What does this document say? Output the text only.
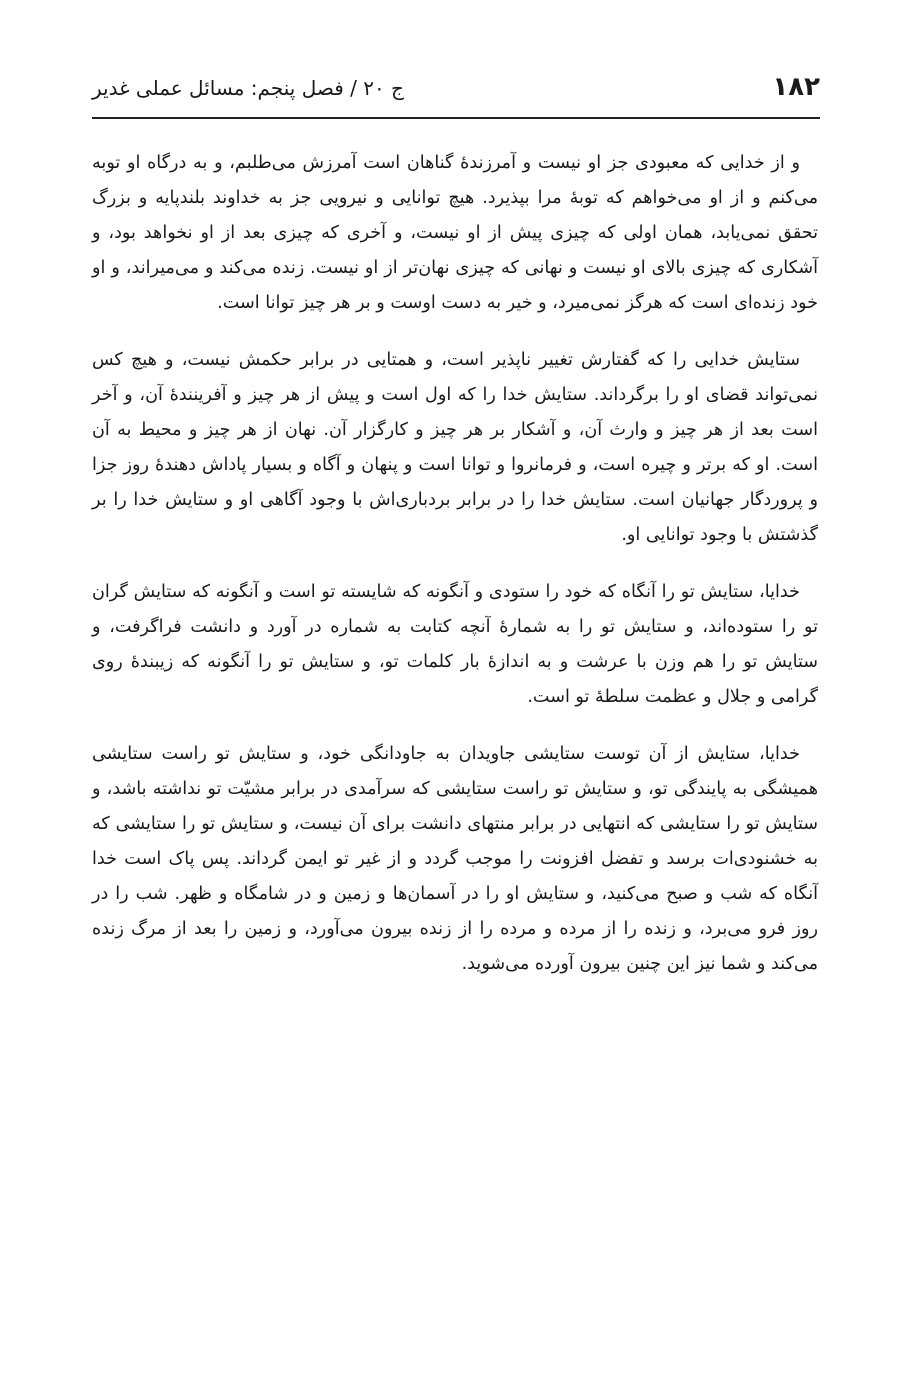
۱۸۲
ج ۲۰ / فصل پنجم: مسائل عملی غدیر

و از خدایی که معبودی جز او نیست و آمرزندهٔ گناهان است آمرزش می‌طلبم، و به درگاه او توبه می‌کنم و از او می‌خواهم که توبهٔ مرا بپذیرد. هیچ توانایی و نیرویی جز به خداوند بلندپایه و بزرگ تحقق نمی‌یابد، همان اولی که چیزی پیش از او نیست، و آخری که چیزی بعد از او نخواهد بود، و آشکاری که چیزی بالای او نیست و نهانی که چیزی نهان‌تر از او نیست. زنده می‌کند و می‌میراند، و او خود زنده‌ای است که هرگز نمی‌میرد، و خیر به دست اوست و بر هر چیز توانا است.

ستایش خدایی را که گفتارش تغییر ناپذیر است، و همتایی در برابر حکمش نیست، و هیچ کس نمی‌تواند قضای او را برگرداند. ستایش خدا را که اول است و پیش از هر چیز و آفرینندهٔ آن، و آخر است بعد از هر چیز و وارث آن، و آشکار بر هر چیز و کارگزار آن. نهان از هر چیز و محیط به آن است. او که برتر و چیره است، و فرمانروا و توانا است و پنهان و آگاه و بسیار پاداش دهندهٔ روز جزا و پروردگار جهانیان است. ستایش خدا را در برابر بردباری‌اش با وجود آگاهی او و ستایش خدا را بر گذشتش با وجود توانایی او.

خدایا، ستایش تو را آنگاه که خود را ستودی و آنگونه که شایسته تو است و آنگونه که ستایش گران تو را ستوده‌اند، و ستایش تو را به شمارهٔ آنچه کتابت به شماره در آورد و دانشت فراگرفت، و ستایش تو را هم وزن با عرشت و به اندازهٔ بار کلمات تو، و ستایش تو را آنگونه که زیبندهٔ روی گرامی و جلال و عظمت سلطهٔ تو است.

خدایا، ستایش از آن توست ستایشی جاویدان به جاودانگی خود، و ستایش تو راست ستایشی همیشگی به پایندگی تو، و ستایش تو راست ستایشی که سرآمدی در برابر مشیّت تو نداشته باشد، و ستایش تو را ستایشی که انتهایی در برابر منتهای دانشت برای آن نیست، و ستایش تو را ستایشی که به خشنودی‌ات برسد و تفضل افزونت را موجب گردد و از غیر تو ایمن گرداند. پس پاک است خدا آنگاه که شب و صبح می‌کنید، و ستایش او را در آسمان‌ها و زمین و در شامگاه و ظهر. شب را در روز فرو می‌برد، و زنده را از مرده و مرده را از زنده بیرون می‌آورد، و زمین را بعد از مرگ زنده می‌کند و شما نیز این چنین بیرون آورده می‌شوید.
